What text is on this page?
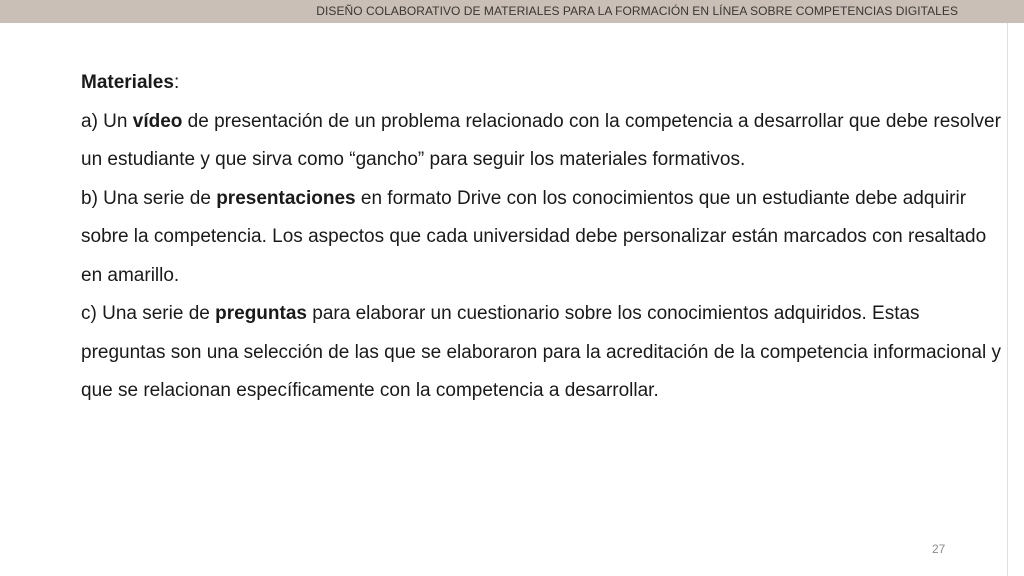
DISEÑO COLABORATIVO DE MATERIALES PARA LA FORMACIÓN EN LÍNEA SOBRE COMPETENCIAS DIGITALES

Materiales:

a) Un vídeo de presentación de un problema relacionado con la competencia a desarrollar que debe resolver un estudiante y que sirva como “gancho” para seguir los materiales formativos.

b) Una serie de presentaciones en formato Drive con los conocimientos que un estudiante debe adquirir sobre la competencia. Los aspectos que cada universidad debe personalizar están marcados con resaltado en amarillo.

c) Una serie de preguntas para elaborar un cuestionario sobre los conocimientos adquiridos. Estas preguntas son una selección de las que se elaboraron para la acreditación de la competencia informacional y que se relacionan específicamente con la competencia a desarrollar.

27
